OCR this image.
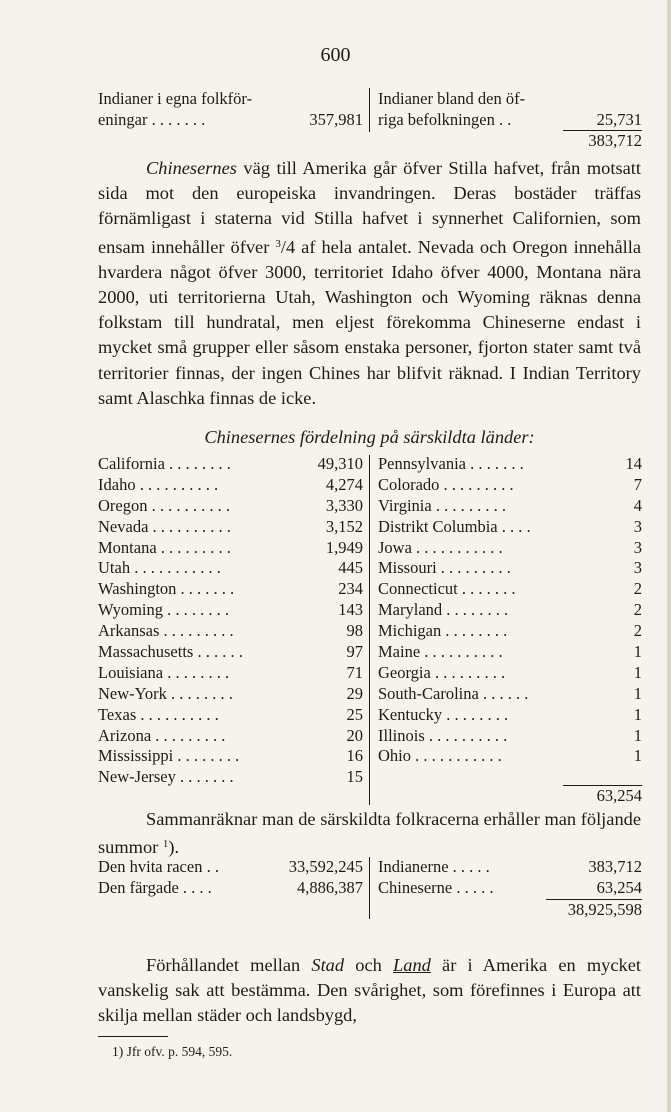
600
Indianer i egna folkför-
eningar . . . . . . .	357,981
Indianer bland den öf-
riga befolkningen . .	25,731
383,712

Chinesernes väg till Amerika går öfver Stilla hafvet, från motsatt sida mot den europeiska invandringen. Deras bostäder träffas förnämligast i staterna vid Stilla hafvet i synnerhet Californien, som ensam innehåller öfver $^3$/4 af hela antalet. Nevada och Oregon innehålla hvardera något öfver 3000, territoriet Idaho öfver 4000, Montana nära 2000, uti territorierna Utah, Washington och Wyoming räknas denna folkstam till hundratal, men eljest förekomma Chineserne endast i mycket små grupper eller såsom enstaka personer, fjorton stater samt två territorier finnas, der ingen Chines har blifvit räknad. I Indian Territory samt Alaschka finnas de icke.

Chinesernes fördelning på särskildta länder:
California . . . . . . . .	49,310
Idaho . . . . . . . . . .	4,274
Oregon . . . . . . . . . .	3,330
Nevada . . . . . . . . . .	3,152
Montana . . . . . . . . .	1,949
Utah . . . . . . . . . . .	445
Washington . . . . . . .	234
Wyoming . . . . . . . .	143
Arkansas . . . . . . . . .	98
Massachusetts . . . . . .	97
Louisiana . . . . . . . .	71
New-York . . . . . . . .	29
Texas . . . . . . . . . .	25
Arizona . . . . . . . . .	20
Mississippi . . . . . . . .	16
New-Jersey . . . . . . .	15
Pennsylvania . . . . . . .	14
Colorado . . . . . . . . .	7
Virginia . . . . . . . . .	4
Distrikt Columbia . . . .	3
Jowa . . . . . . . . . . .	3
Missouri . . . . . . . . .	3
Connecticut . . . . . . .	2
Maryland . . . . . . . .	2
Michigan . . . . . . . .	2
Maine . . . . . . . . . .	1
Georgia . . . . . . . . .	1
South-Carolina . . . . . .	1
Kentucky . . . . . . . .	1
Illinois . . . . . . . . . .	1
Ohio . . . . . . . . . . .	1
63,254

Sammanräknar man de särskildta folkracerna erhåller man följande summor $^1$).

Den hvita racen . .	33,592,245
Den färgade . . . .	4,886,387
Indianerne . . . . .	383,712
Chineserne . . . . .	63,254
38,925,598

Förhållandet mellan Stad och Land är i Amerika en mycket vanskelig sak att bestämma. Den svårighet, som förefinnes i Europa att skilja mellan städer och landsbygd,

1) Jfr ofv. p. 594, 595.
